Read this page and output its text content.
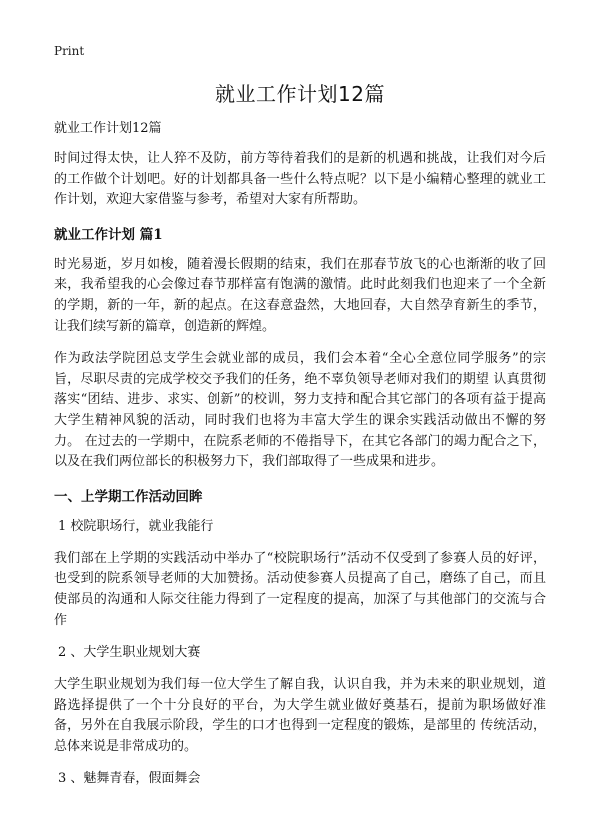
Print
就业工作计划12篇
就业工作计划12篇

时间过得太快，让人猝不及防，前方等待着我们的是新的机遇和挑战，让我们对今后的工作做个计划吧。好的计划都具备一些什么特点呢？以下是小编精心整理的就业工作计划，欢迎大家借鉴与参考，希望对大家有所帮助。

就业工作计划 篇1

时光易逝，岁月如梭，随着漫长假期的结束，我们在那春节放飞的心也渐渐的收了回来，我希望我的心会像过春节那样富有饱满的激情。此时此刻我们也迎来了一个全新的学期，新的一年，新的起点。在这春意盎然，大地回春，大自然孕育新生的季节，让我们续写新的篇章，创造新的辉煌。

作为政法学院团总支学生会就业部的成员，我们会本着“全心全意位同学服务”的宗旨，尽职尽责的完成学校交予我们的任务，绝不辜负领导老师对我们的期望 认真贯彻落实“团结、进步、求实、创新”的校训，努力支持和配合其它部门的各项有益于提高大学生精神风貌的活动，同时我们也将为丰富大学生的课余实践活动做出不懈的努力。 在过去的一学期中，在院系老师的不倦指导下，在其它各部门的竭力配合之下，以及在我们两位部长的积极努力下，我们部取得了一些成果和进步。

一、上学期工作活动回眸
1 校院职场行，就业我能行

我们部在上学期的实践活动中举办了“校院职场行”活动不仅受到了参赛人员的好评，也受到的院系领导老师的大加赞扬。活动使参赛人员提高了自己，磨练了自己，而且使部员的沟通和人际交往能力得到了一定程度的提高，加深了与其他部门的交流与合作

2 、大学生职业规划大赛

大学生职业规划为我们每一位大学生了解自我，认识自我，并为未来的职业规划，道路选择提供了一个十分良好的平台，为大学生就业做好奠基石，提前为职场做好准备，另外在自我展示阶段，学生的口才也得到一定程度的锻炼，是部里的 传统活动，总体来说是非常成功的。

3 、魅舞青春，假面舞会
